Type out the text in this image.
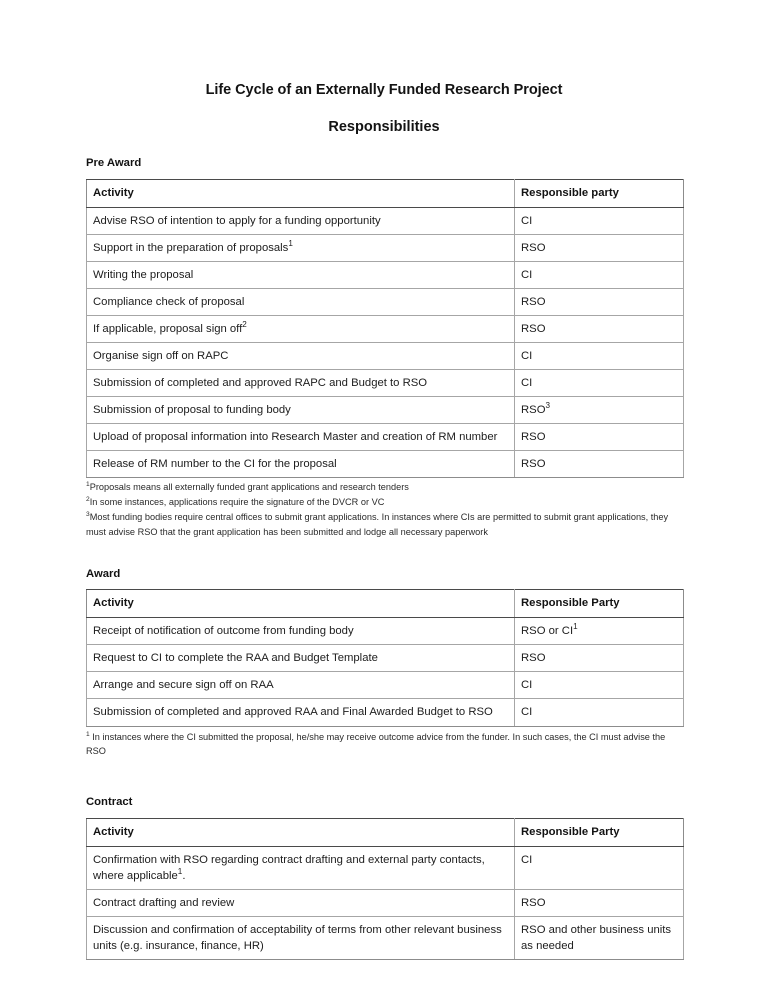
Life Cycle of an Externally Funded Research Project
Responsibilities
Pre Award
Activity	Responsible party
Advise RSO of intention to apply for a funding opportunity	CI
Support in the preparation of proposals$^1$	RSO
Writing the proposal	CI
Compliance check of proposal	RSO
If applicable, proposal sign off$^2$	RSO
Organise sign off on RAPC	CI
Submission of completed and approved RAPC and Budget to RSO	CI
Submission of proposal to funding body	RSO$^3$
Upload of proposal information into Research Master and creation of RM number	RSO
Release of RM number to the CI for the proposal	RSO

$^1$Proposals means all externally funded grant applications and research tenders

$^2$In some instances, applications require the signature of the DVCR or VC

$^3$Most funding bodies require central offices to submit grant applications. In instances where CIs are permitted to submit grant applications, they must advise RSO that the grant application has been submitted and lodge all necessary paperwork

Award
Activity	Responsible Party
Receipt of notification of outcome from funding body	RSO or $CI^1$
Request to CI to complete the RAA and Budget Template	RSO
Arrange and secure sign off on RAA	CI
Submission of completed and approved RAA and Final Awarded Budget to RSO	CI

$^1$ In instances where the CI submitted the proposal, he/she may receive outcome advice from the funder. In such cases, the CI must advise the RSO

Contract
Activity	Responsible Party
Confirmation with RSO regarding contract drafting and external party contacts, where applicable$^1$.	CI
Contract drafting and review	RSO
Discussion and confirmation of acceptability of terms from other relevant business units (e.g. insurance, finance, HR)	RSO and other business units as needed
